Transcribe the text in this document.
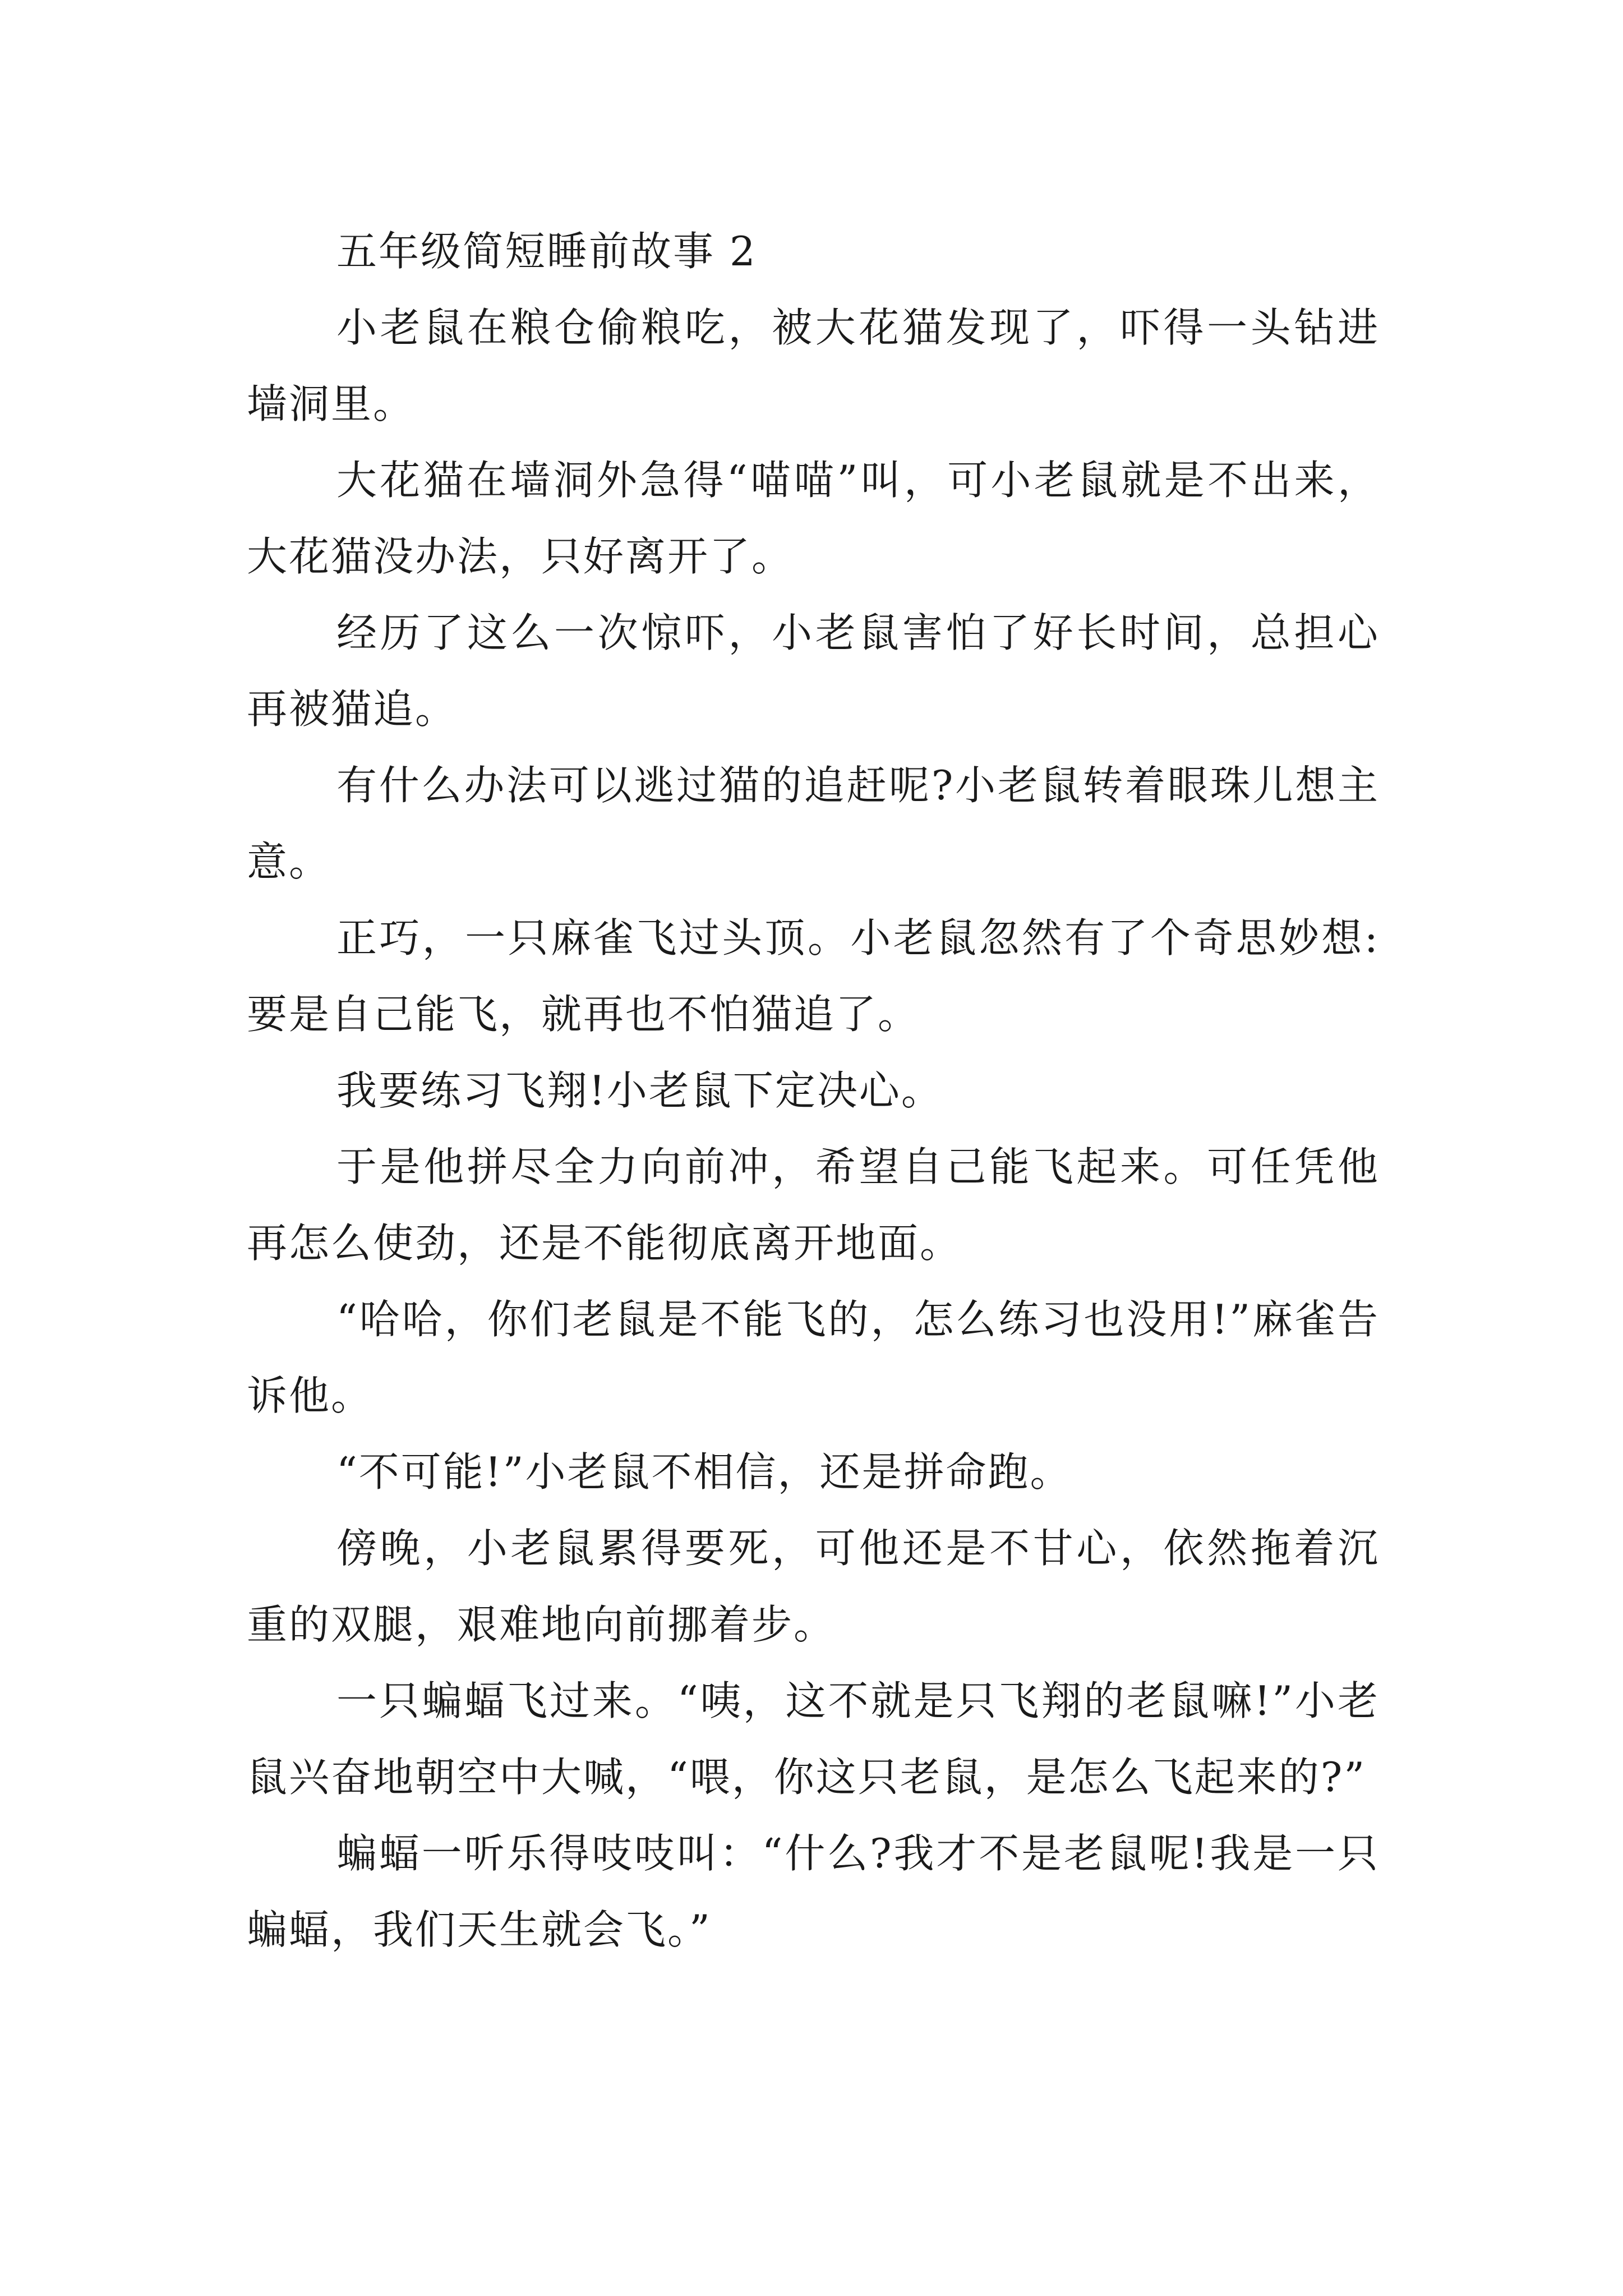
五年级简短睡前故事 2

小老鼠在粮仓偷粮吃，被大花猫发现了，吓得一头钻进墙洞里。

大花猫在墙洞外急得“喵喵”叫，可小老鼠就是不出来，大花猫没办法，只好离开了。

经历了这么一次惊吓，小老鼠害怕了好长时间，总担心再被猫追。

有什么办法可以逃过猫的追赶呢?小老鼠转着眼珠儿想主意。

正巧，一只麻雀飞过头顶。小老鼠忽然有了个奇思妙想:要是自己能飞，就再也不怕猫追了。

我要练习飞翔!小老鼠下定决心。

于是他拼尽全力向前冲，希望自己能飞起来。可任凭他再怎么使劲，还是不能彻底离开地面。

“哈哈，你们老鼠是不能飞的，怎么练习也没用!”麻雀告诉他。

“不可能!”小老鼠不相信，还是拼命跑。

傍晚，小老鼠累得要死，可他还是不甘心，依然拖着沉重的双腿，艰难地向前挪着步。

一只蝙蝠飞过来。“咦，这不就是只飞翔的老鼠嘛!”小老鼠兴奋地朝空中大喊，“喂，你这只老鼠，是怎么飞起来的?”

蝙蝠一听乐得吱吱叫：“什么?我才不是老鼠呢!我是一只蝙蝠，我们天生就会飞。”
